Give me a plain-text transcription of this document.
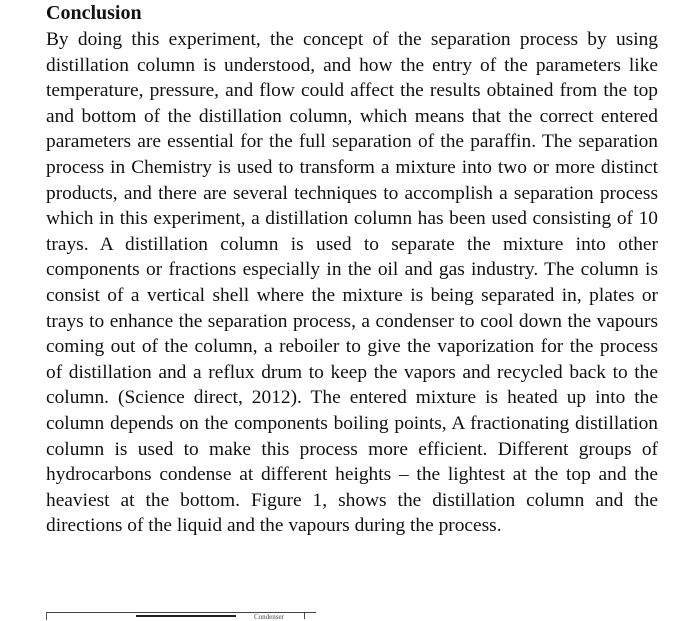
Conclusion

By doing this experiment, the concept of the separation process by using distillation column is understood, and how the entry of the parameters like temperature, pressure, and flow could affect the results obtained from the top and bottom of the distillation column, which means that the correct entered parameters are essential for the full separation of the paraffin. The separation process in Chemistry is used to transform a mixture into two or more distinct products, and there are several techniques to accomplish a separation process which in this experiment, a distillation column has been used consisting of 10 trays. A distillation column is used to separate the mixture into other components or fractions especially in the oil and gas industry. The column is consist of a vertical shell where the mixture is being separated in, plates or trays to enhance the separation process, a condenser to cool down the vapours coming out of the column, a reboiler to give the vaporization for the process of distillation and a reflux drum to keep the vapors and recycled back to the column. (Science direct, 2012). The entered mixture is heated up into the column depends on the components boiling points, A fractionating distillation column is used to make this process more efficient. Different groups of hydrocarbons condense at different heights – the lightest at the top and the heaviest at the bottom. Figure 1, shows the distillation column and the directions of the liquid and the vapours during the process.

Condenser
